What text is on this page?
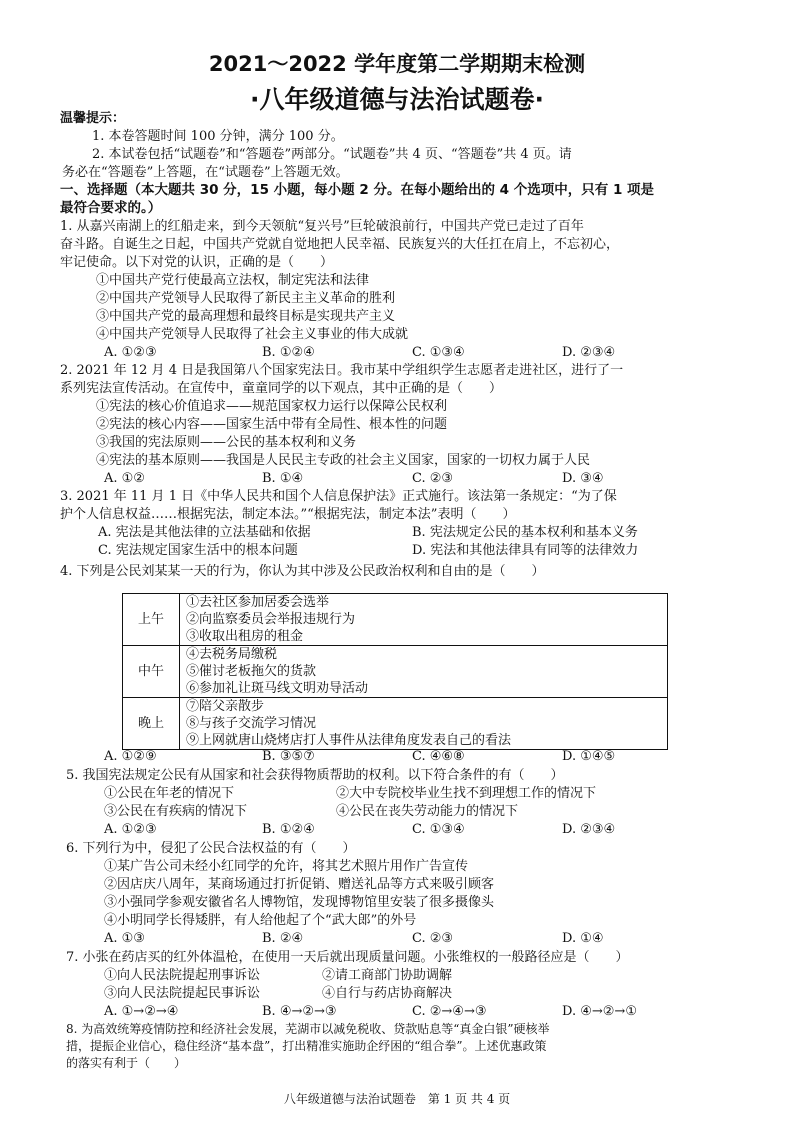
2021～2022 学年度第二学期期末检测
·八年级道德与法治试题卷·
温馨提示：
1. 本卷答题时间 100 分钟，满分 100 分。
2. 本试卷包括“试题卷”和“答题卷”两部分。“试题卷”共 4 页、“答题卷”共 4 页。请
务必在“答题卷”上答题，在“试题卷”上答题无效。
一、选择题（本大题共 30 分，15 小题，每小题 2 分。在每小题给出的 4 个选项中，只有 1 项是
最符合要求的。）
1. 从嘉兴南湖上的红船走来，到今天领航“复兴号”巨轮破浪前行，中国共产党已走过了百年
奋斗路。自诞生之日起，中国共产党就自觉地把人民幸福、民族复兴的大任扛在肩上，不忘初心，
牢记使命。以下对党的认识，正确的是（　　）
①中国共产党行使最高立法权，制定宪法和法律
②中国共产党领导人民取得了新民主主义革命的胜利
③中国共产党的最高理想和最终目标是实现共产主义
④中国共产党领导人民取得了社会主义事业的伟大成就
A. ①②③	B. ①②④	C. ①③④	D. ②③④
2. 2021 年 12 月 4 日是我国第八个国家宪法日。我市某中学组织学生志愿者走进社区，进行了一
系列宪法宣传活动。在宣传中，童童同学的以下观点，其中正确的是（　　）
①宪法的核心价值追求——规范国家权力运行以保障公民权利
②宪法的核心内容——国家生活中带有全局性、根本性的问题
③我国的宪法原则——公民的基本权利和义务
④宪法的基本原则——我国是人民民主专政的社会主义国家，国家的一切权力属于人民
A. ①②	B. ①④	C. ②③	D. ③④
3. 2021 年 11 月 1 日《中华人民共和国个人信息保护法》正式施行。该法第一条规定：“为了保
护个人信息权益……根据宪法，制定本法。”“根据宪法，制定本法”表明（　　）
A. 宪法是其他法律的立法基础和依据	B. 宪法规定公民的基本权利和基本义务
C. 宪法规定国家生活中的根本问题	D. 宪法和其他法律具有同等的法律效力
4. 下列是公民刘某某一天的行为，你认为其中涉及公民政治权利和自由的是（　　）
上午	①去社区参加居委会选举
②向监察委员会举报违规行为
③收取出租房的租金

中午	④去税务局缴税
⑤催讨老板拖欠的货款
⑥参加礼让斑马线文明劝导活动

晚上	⑦陪父亲散步
⑧与孩子交流学习情况
⑨上网就唐山烧烤店打人事件从法律角度发表自己的看法
A. ①②⑨	B. ③⑤⑦	C. ④⑥⑧	D. ①④⑤
5. 我国宪法规定公民有从国家和社会获得物质帮助的权利。以下符合条件的有（　　）
①公民在年老的情况下	②大中专院校毕业生找不到理想工作的情况下
③公民在有疾病的情况下	④公民在丧失劳动能力的情况下
A. ①②③	B. ①②④	C. ①③④	D. ②③④
6. 下列行为中，侵犯了公民合法权益的有（　　）
①某广告公司未经小红同学的允许，将其艺术照片用作广告宣传
②因店庆八周年，某商场通过打折促销、赠送礼品等方式来吸引顾客
③小强同学参观安徽省名人博物馆，发现博物馆里安装了很多摄像头
④小明同学长得矮胖，有人给他起了个“武大郎”的外号
A. ①③	B. ②④	C. ②③	D. ①④
7. 小张在药店买的红外体温枪，在使用一天后就出现质量问题。小张维权的一般路径应是（　　）
①向人民法院提起刑事诉讼	②请工商部门协助调解
③向人民法院提起民事诉讼	④自行与药店协商解决
A. ①→②→④	B. ④→②→③	C. ②→④→③	D. ④→②→①
8. 为高效统筹疫情防控和经济社会发展，芜湖市以减免税收、贷款贴息等“真金白银”硬核举
措，提振企业信心，稳住经济“基本盘”，打出精准实施助企纾困的“组合拳”。上述优惠政策
的落实有利于（　　）
八年级道德与法治试题卷　第 1 页 共 4 页
